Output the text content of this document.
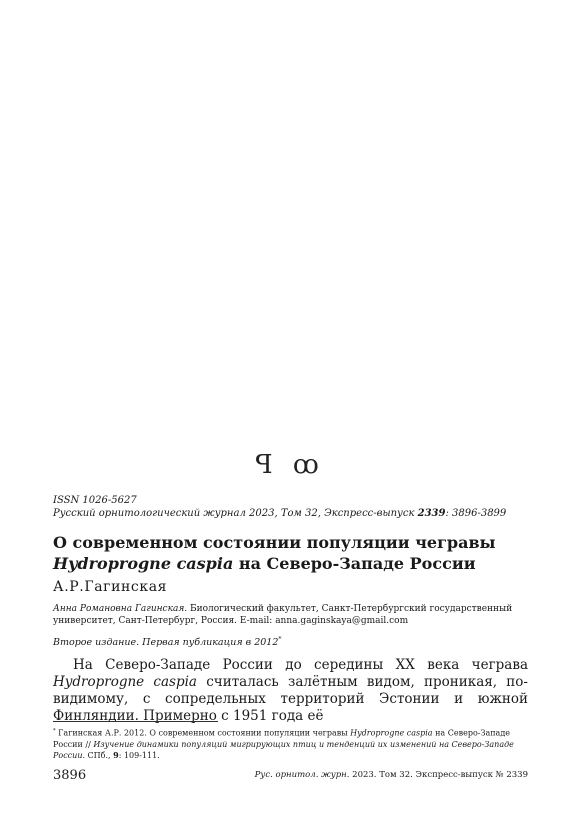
ꟼ ꝏ
ISSN 1026-5627
Русский орнитологический журнал 2023, Том 32, Экспресс-выпуск 2339: 3896-3899
О современном состоянии популяции чегравы
Hydroprogne caspia на Северо-Западе России
А.Р.Гагинская
Анна Романовна Гагинская. Биологический факультет, Санкт-Петербургский государственный университет, Сант-Петербург, Россия. E-mail: anna.gaginskaya@gmail.com
Второе издание. Первая публикация в 2012*
На Северо-Западе России до середины XX века чеграва Hydroprogne caspia считалась залётным видом, проникая, по-видимому, с сопредельных территорий Эстонии и южной Финляндии. Примерно с 1951 года её
* Гагинская А.Р. 2012. О современном состоянии популяции чегравы Hydroprogne caspia на Северо-Западе России // Изучение динамики популяций мигрирующих птиц и тенденций их изменений на Северо-Западе России. СПб., 9: 109-111.
3896	Рус. орнитол. журн. 2023. Том 32. Экспресс-выпуск № 2339
